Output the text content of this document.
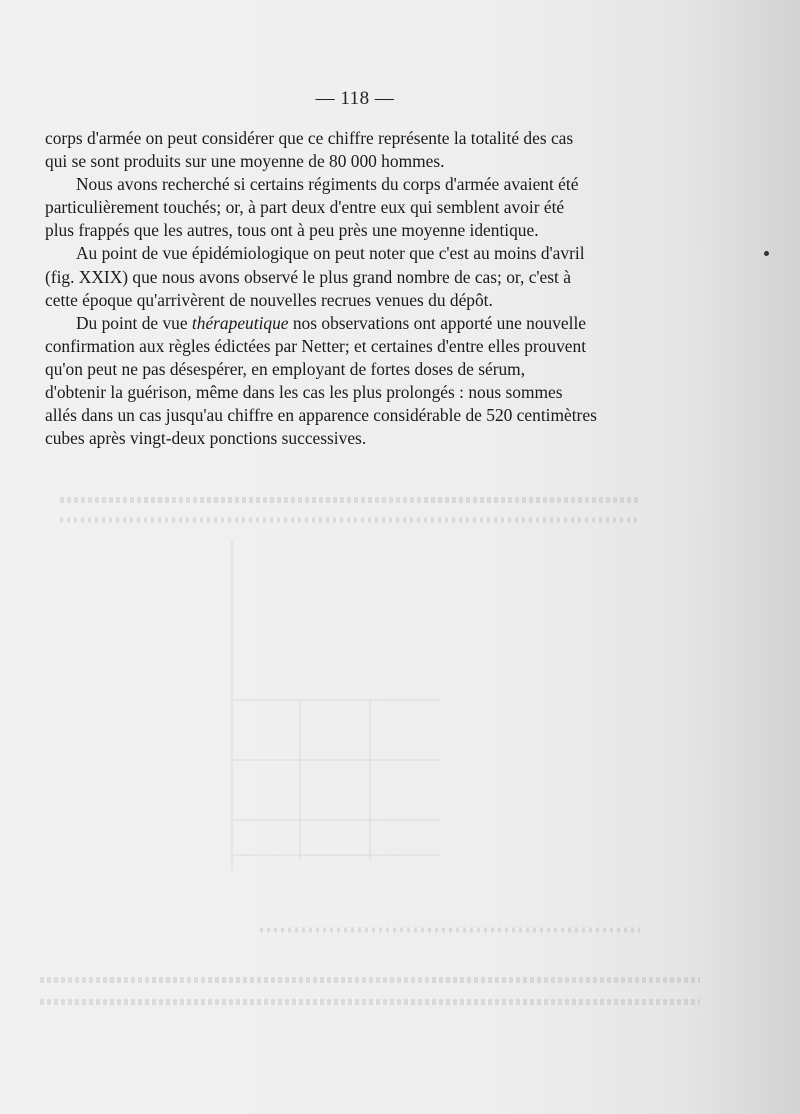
— 118 —

corps d'armée on peut considérer que ce chiffre représente la totalité des cas
qui se sont produits sur une moyenne de 80 000 hommes.

Nous avons recherché si certains régiments du corps d'armée avaient été
particulièrement touchés; or, à part deux d'entre eux qui semblent avoir été
plus frappés que les autres, tous ont à peu près une moyenne identique.

Au point de vue épidémiologique on peut noter que c'est au moins d'avril
(fig. XXIX) que nous avons observé le plus grand nombre de cas; or, c'est à
cette époque qu'arrivèrent de nouvelles recrues venues du dépôt.

Du point de vue thérapeutique nos observations ont apporté une nouvelle
confirmation aux règles édictées par Netter; et certaines d'entre elles prouvent
qu'on peut ne pas désespérer, en employant de fortes doses de sérum,
d'obtenir la guérison, même dans les cas les plus prolongés : nous sommes
allés dans un cas jusqu'au chiffre en apparence considérable de 520 centimètres
cubes après vingt-deux ponctions successives.
